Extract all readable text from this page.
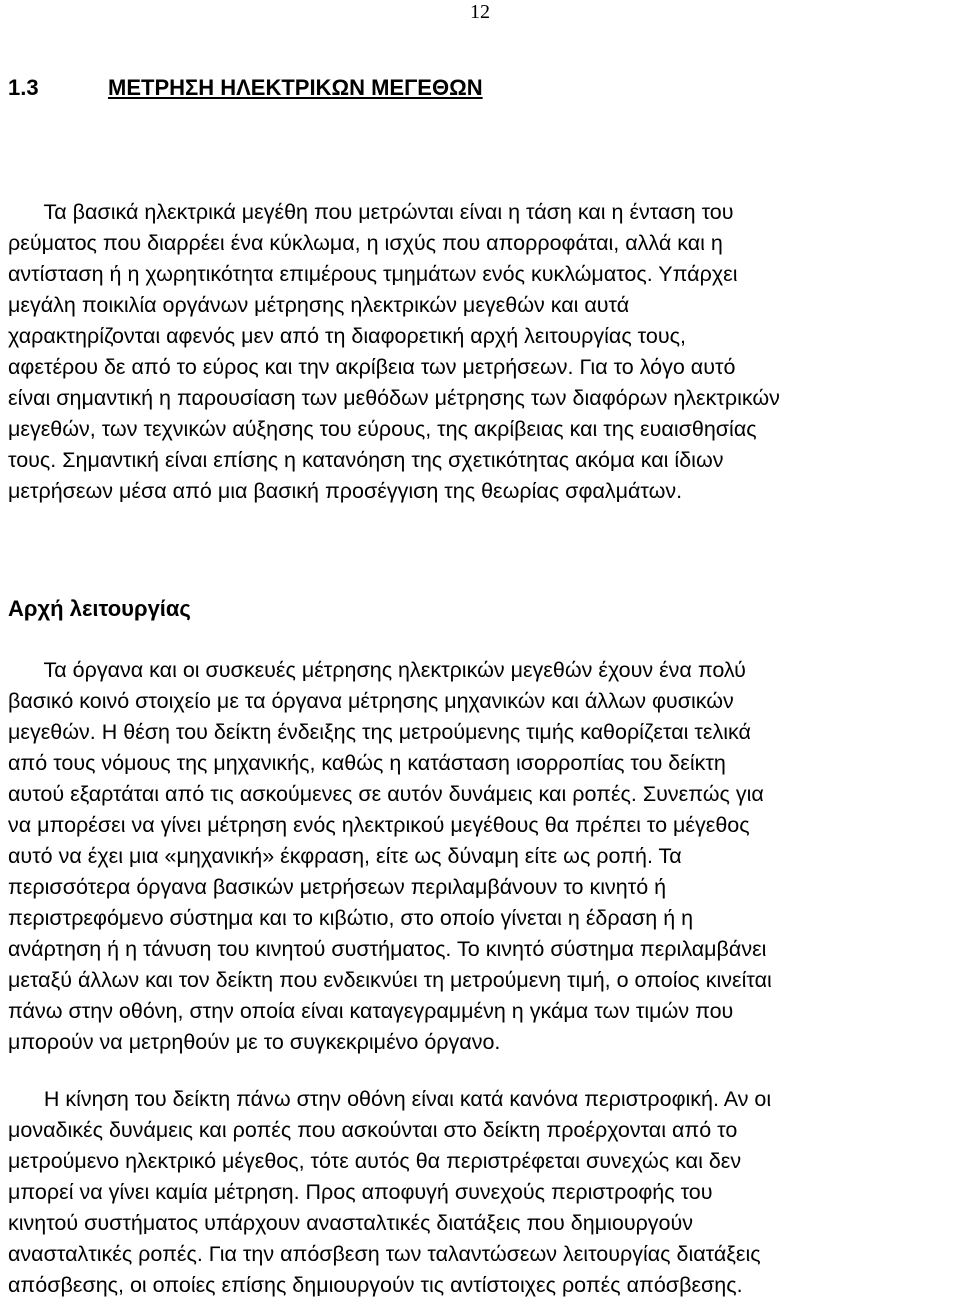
12
1.3	ΜΕΤΡΗΣΗ ΗΛΕΚΤΡΙΚΩΝ ΜΕΓΕΘΩΝ
Τα βασικά ηλεκτρικά μεγέθη που μετρώνται είναι η τάση και η ένταση του
ρεύματος που διαρρέει ένα κύκλωμα, η ισχύς που απορροφάται, αλλά και η
αντίσταση ή η χωρητικότητα επιμέρους τμημάτων ενός κυκλώματος. Υπάρχει
μεγάλη ποικιλία οργάνων μέτρησης ηλεκτρικών μεγεθών και αυτά
χαρακτηρίζονται αφενός μεν από τη διαφορετική αρχή λειτουργίας τους,
αφετέρου δε από το εύρος και την ακρίβεια των μετρήσεων. Για το λόγο αυτό
είναι σημαντική η παρουσίαση των μεθόδων μέτρησης των διαφόρων ηλεκτρικών
μεγεθών, των τεχνικών αύξησης του εύρους, της ακρίβειας και της ευαισθησίας
τους. Σημαντική είναι επίσης η κατανόηση της σχετικότητας ακόμα και ίδιων
μετρήσεων μέσα από μια βασική προσέγγιση της θεωρίας σφαλμάτων.
Αρχή λειτουργίας
Τα όργανα και οι συσκευές μέτρησης ηλεκτρικών μεγεθών έχουν ένα πολύ
βασικό κοινό στοιχείο με τα όργανα μέτρησης μηχανικών και άλλων φυσικών
μεγεθών. Η θέση του δείκτη ένδειξης της μετρούμενης τιμής καθορίζεται τελικά
από τους νόμους της μηχανικής, καθώς η κατάσταση ισορροπίας του δείκτη
αυτού εξαρτάται από τις ασκούμενες σε αυτόν δυνάμεις και ροπές. Συνεπώς για
να μπορέσει να γίνει μέτρηση ενός ηλεκτρικού μεγέθους θα πρέπει το μέγεθος
αυτό να έχει μια «μηχανική» έκφραση, είτε ως δύναμη είτε ως ροπή. Τα
περισσότερα όργανα βασικών μετρήσεων περιλαμβάνουν το κινητό ή
περιστρεφόμενο σύστημα και το κιβώτιο, στο οποίο γίνεται η έδραση ή η
ανάρτηση ή η τάνυση του κινητού συστήματος. Το κινητό σύστημα περιλαμβάνει
μεταξύ άλλων και τον δείκτη που ενδεικνύει τη μετρούμενη τιμή, ο οποίος κινείται
πάνω στην οθόνη, στην οποία είναι καταγεγραμμένη η γκάμα των τιμών που
μπορούν να μετρηθούν με το συγκεκριμένο όργανο.
Η κίνηση του δείκτη πάνω στην οθόνη είναι κατά κανόνα περιστροφική. Αν οι
μοναδικές δυνάμεις και ροπές που ασκούνται στο δείκτη προέρχονται από το
μετρούμενο ηλεκτρικό μέγεθος, τότε αυτός θα περιστρέφεται συνεχώς και δεν
μπορεί να γίνει καμία μέτρηση. Προς αποφυγή συνεχούς περιστροφής του
κινητού συστήματος υπάρχουν ανασταλτικές διατάξεις που δημιουργούν
ανασταλτικές ροπές. Για την απόσβεση των ταλαντώσεων λειτουργίας διατάξεις
απόσβεσης, οι οποίες επίσης δημιουργούν τις αντίστοιχες ροπές απόσβεσης.
